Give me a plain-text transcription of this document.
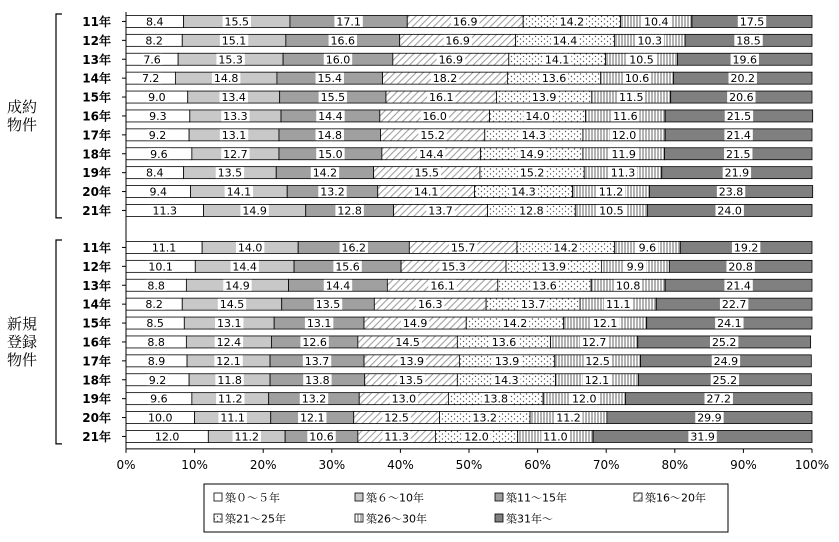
8.4	15.5	17.1	16.9	14.2	10.4	17.5
8.2	15.1	16.6	16.9	14.4	10.3	18.5
7.6	15.3	16.0	16.9	14.1	10.5	19.6
7.2	14.8	15.4	18.2	13.6	10.6	20.2
9.0	13.4	15.5	16.1	13.9	11.5	20.6
9.3	13.3	14.4	16.0	14.0	11.6	21.5
9.2	13.1	14.8	15.2	14.3	12.0	21.4
9.6	12.7	15.0	14.4	14.9	11.9	21.5
8.4	13.5	14.2	15.5	15.2	11.3	21.9
9.4	14.1	13.2	14.1	14.3	11.2	23.8
11.3	14.9	12.8	13.7	12.8	10.5	24.0
11.1	14.0	16.2	15.7	14.2	9.6	19.2
10.1	14.4	15.6	15.3	13.9	9.9	20.8
8.8	14.9	14.4	16.1	13.6	10.8	21.4
8.2	14.5	13.5	16.3	13.7	11.1	22.7
8.5	13.1	13.1	14.9	14.2	12.1	24.1
8.8	12.4	12.6	14.5	13.6	12.7	25.2
8.9	12.1	13.7	13.9	13.9	12.5	24.9
9.2	11.8	13.8	13.5	14.3	12.1	25.2
9.6	11.2	13.2	13.0	13.8	12.0	27.2
10.0	11.1	12.1	12.5	13.2	11.2	29.9
12.0	11.2	10.6	11.3	12.0	11.0	31.9
0%	10%	20%	30%	40%	50%	60%	70%	80%	90%	100%
11年
12年
13年
14年
15年
16年
17年
18年
19年
20年
21年
成約
物件
11年
12年
13年
14年
15年
16年
17年
18年
19年
20年
21年
新規
登録
物件
築０～５年	築６～10年	築11～15年	築16～20年
築21～25年	築26～30年	築31年～
